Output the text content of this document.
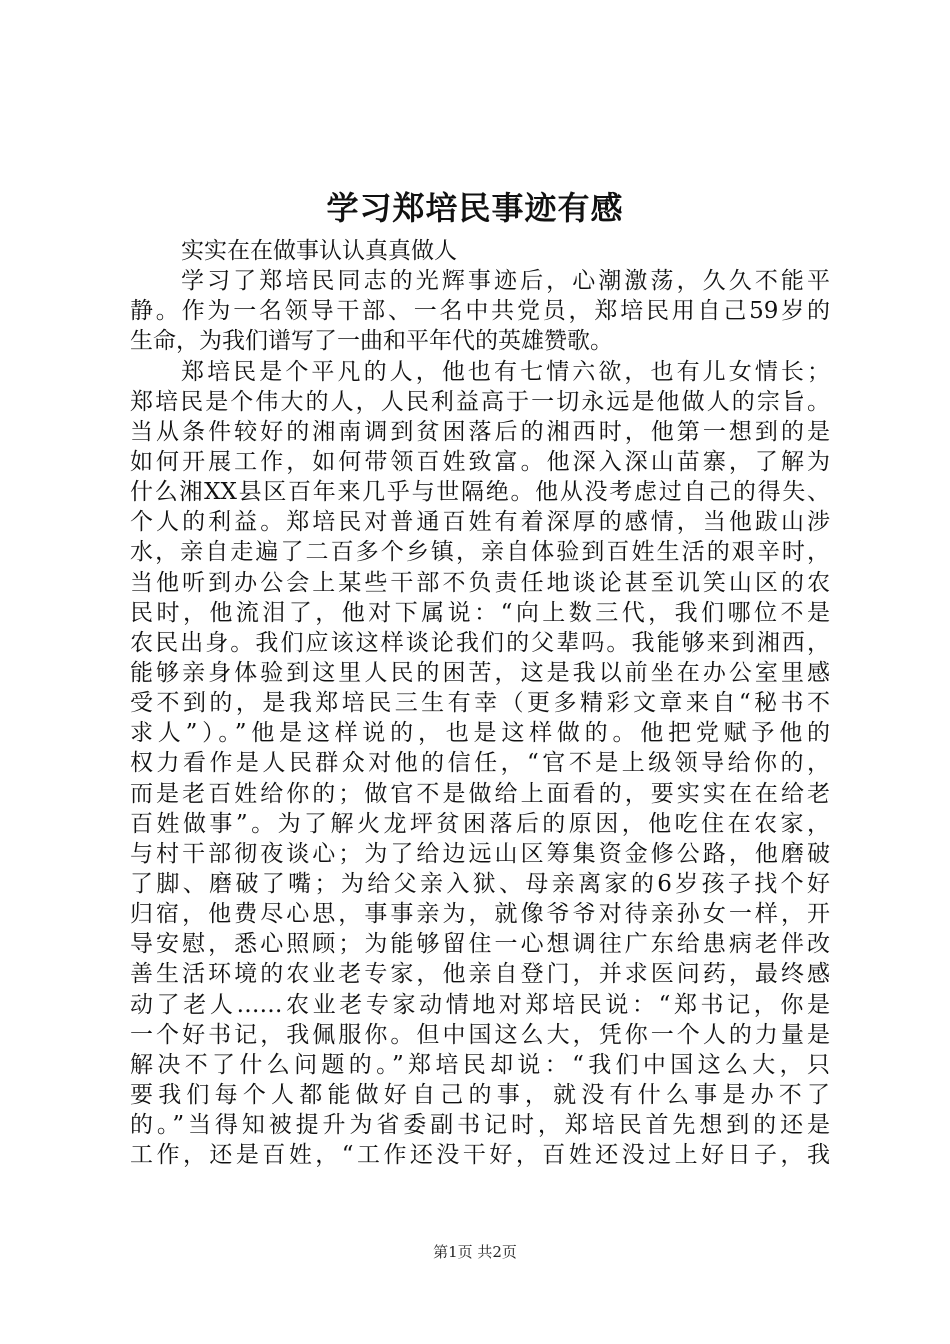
学习郑培民事迹有感
实实在在做事认认真真做人
学习了郑培民同志的光辉事迹后，心潮激荡，久久不能平
静。作为一名领导干部、一名中共党员，郑培民用自己59岁的
生命，为我们谱写了一曲和平年代的英雄赞歌。
郑培民是个平凡的人，他也有七情六欲，也有儿女情长；
郑培民是个伟大的人，人民利益高于一切永远是他做人的宗旨。
当从条件较好的湘南调到贫困落后的湘西时，他第一想到的是
如何开展工作，如何带领百姓致富。他深入深山苗寨，了解为
什么湘XX县区百年来几乎与世隔绝。他从没考虑过自己的得失、
个人的利益。郑培民对普通百姓有着深厚的感情，当他跋山涉
水，亲自走遍了二百多个乡镇，亲自体验到百姓生活的艰辛时，
当他听到办公会上某些干部不负责任地谈论甚至讥笑山区的农
民时，他流泪了，他对下属说：“向上数三代，我们哪位不是
农民出身。我们应该这样谈论我们的父辈吗。我能够来到湘西，
能够亲身体验到这里人民的困苦，这是我以前坐在办公室里感
受不到的，是我郑培民三生有幸（更多精彩文章来自“秘书不
求人”）。”他是这样说的，也是这样做的。他把党赋予他的
权力看作是人民群众对他的信任，“官不是上级领导给你的，
而是老百姓给你的；做官不是做给上面看的，要实实在在给老
百姓做事”。为了解火龙坪贫困落后的原因，他吃住在农家，
与村干部彻夜谈心；为了给边远山区筹集资金修公路，他磨破
了脚、磨破了嘴；为给父亲入狱、母亲离家的6岁孩子找个好
归宿，他费尽心思，事事亲为，就像爷爷对待亲孙女一样，开
导安慰，悉心照顾；为能够留住一心想调往广东给患病老伴改
善生活环境的农业老专家，他亲自登门，并求医问药，最终感
动了老人……农业老专家动情地对郑培民说：“郑书记，你是
一个好书记，我佩服你。但中国这么大，凭你一个人的力量是
解决不了什么问题的。”郑培民却说：“我们中国这么大，只
要我们每个人都能做好自己的事，就没有什么事是办不了
的。”当得知被提升为省委副书记时，郑培民首先想到的还是
工作，还是百姓，“工作还没干好，百姓还没过上好日子，我
第1页 共2页
